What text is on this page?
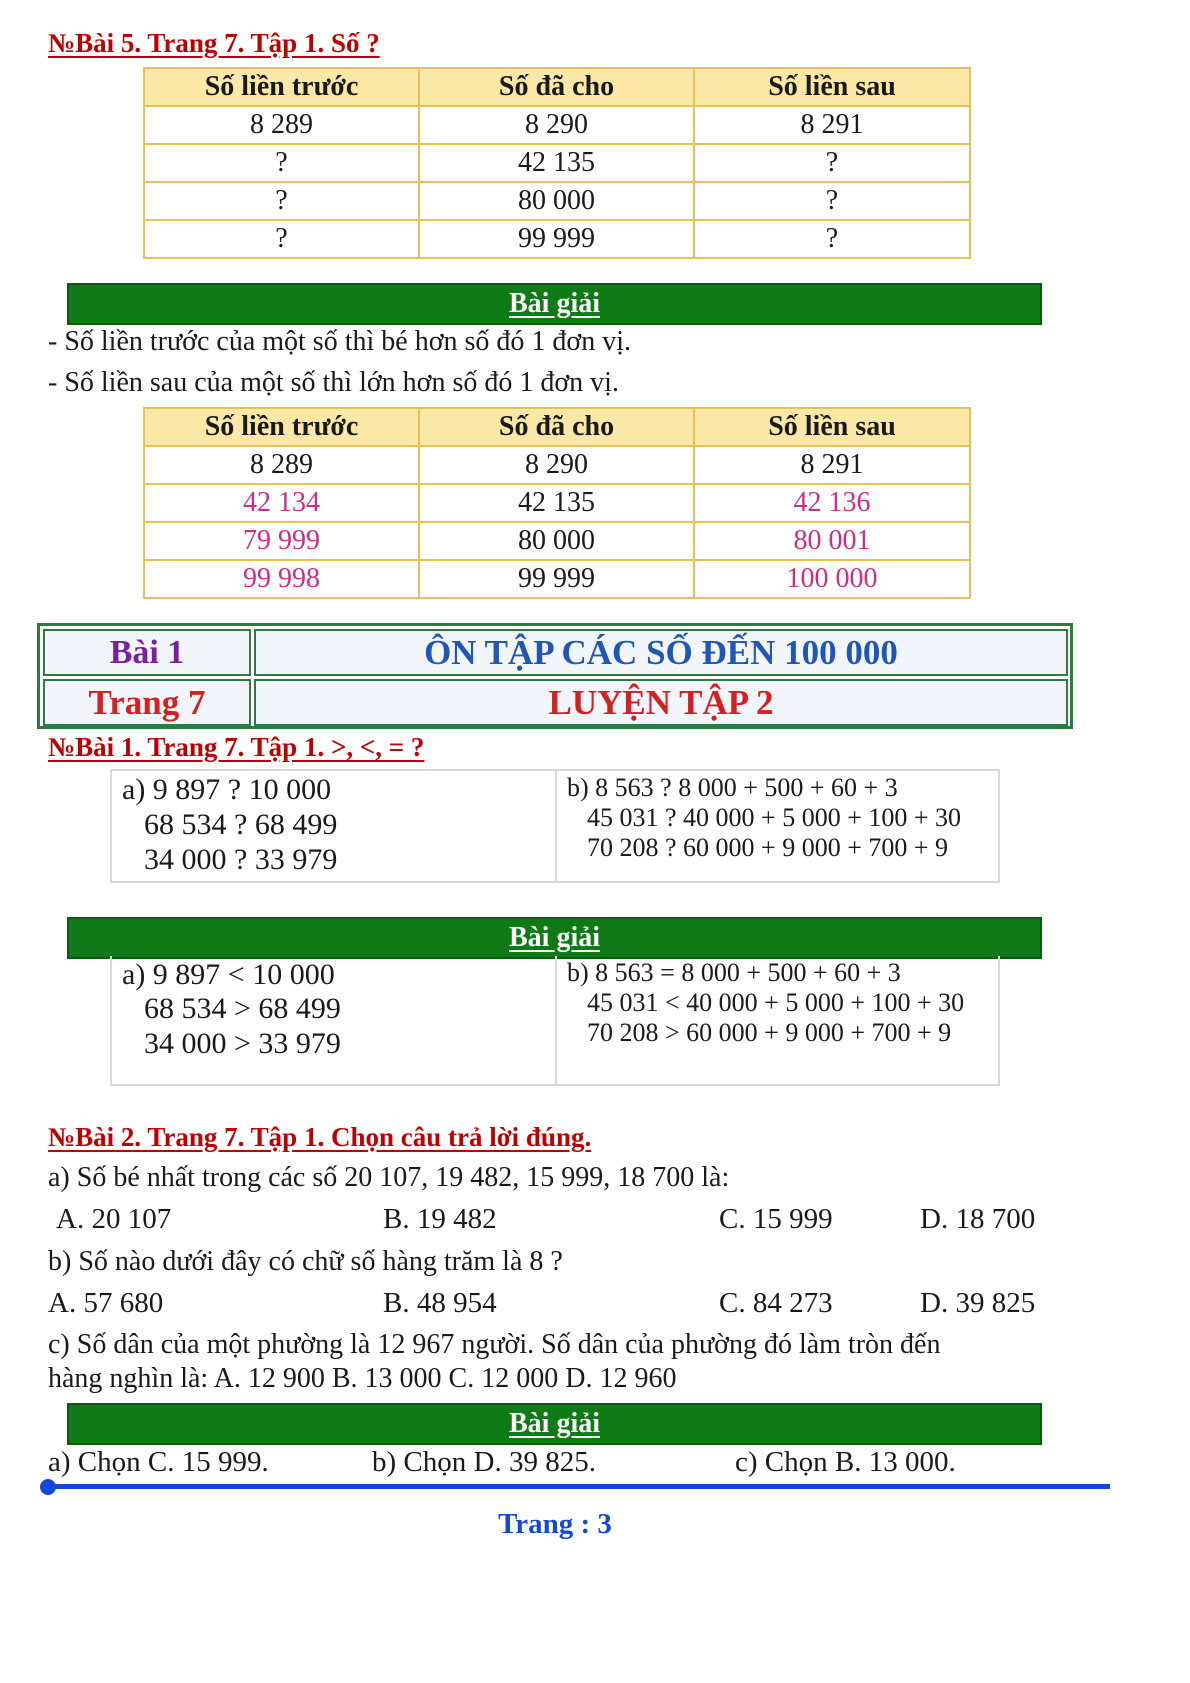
№Bài 5. Trang 7. Tập 1. Số ?
Số liền trước	Số đã cho	Số liền sau
8 289	8 290	8 291
?	42 135	?
?	80 000	?
?	99 999	?
Bài giải
- Số liền trước của một số thì bé hơn số đó 1 đơn vị.
- Số liền sau của một số thì lớn hơn số đó 1 đơn vị.
Số liền trước	Số đã cho	Số liền sau
8 289	8 290	8 291
42 134	42 135	42 136
79 999	80 000	80 001
99 998	99 999	100 000
Bài 1	ÔN TẬP CÁC SỐ ĐẾN 100 000
Trang 7	LUYỆN TẬP 2
№Bài 1. Trang 7. Tập 1. >, <, = ?
a) 9 897 ? 10 000
68 534 ? 68 499
34 000 ? 33 979
b) 8 563 ? 8 000 + 500 + 60 + 3
45 031 ? 40 000 + 5 000 + 100 + 30
70 208 ? 60 000 + 9 000 + 700 + 9
Bài giải
a) 9 897 < 10 000
68 534 > 68 499
34 000 > 33 979
b) 8 563 = 8 000 + 500 + 60 + 3
45 031 < 40 000 + 5 000 + 100 + 30
70 208 > 60 000 + 9 000 + 700 + 9
№Bài 2. Trang 7. Tập 1. Chọn câu trả lời đúng.
a) Số bé nhất trong các số 20 107, 19 482, 15 999, 18 700 là:
A. 20 107	B. 19 482	C. 15 999	D. 18 700
b) Số nào dưới đây có chữ số hàng trăm là 8 ?
A. 57 680	B. 48 954	C. 84 273	D. 39 825
c) Số dân của một phường là 12 967 người. Số dân của phường đó làm tròn đến
hàng nghìn là: A. 12 900 B. 13 000 C. 12 000 D. 12 960
Bài giải
a) Chọn C. 15 999.	b) Chọn D. 39 825.	c) Chọn B. 13 000.
Trang : 3
